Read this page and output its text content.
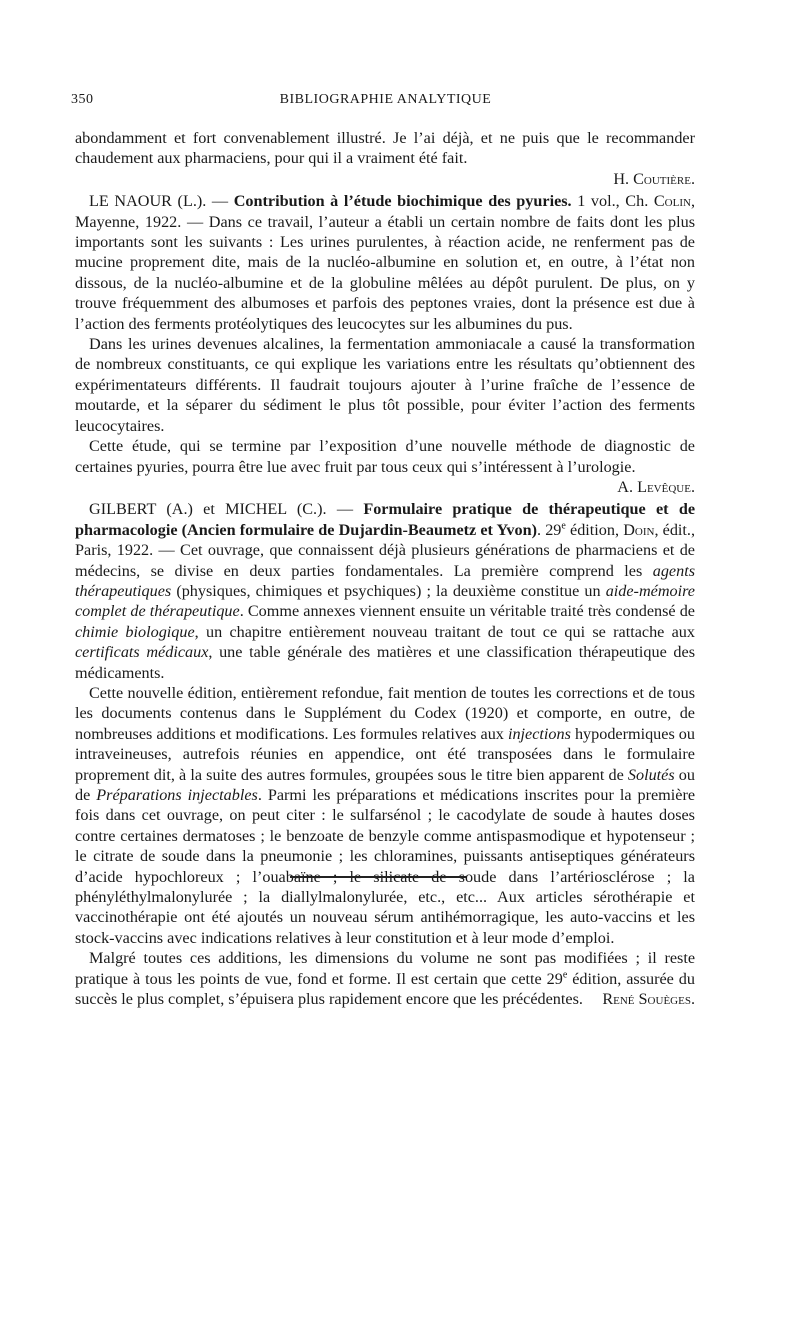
350	BIBLIOGRAPHIE ANALYTIQUE

abondamment et fort convenablement illustré. Je l’ai déjà, et ne puis que le recommander chaudement aux pharmaciens, pour qui il a vraiment été fait.

H. Coutière.

LE NAOUR (L.). — Contribution à l’étude biochimique des pyuries. 1 vol., Ch. Colin, Mayenne, 1922. — Dans ce travail, l’auteur a établi un certain nombre de faits dont les plus importants sont les suivants : Les urines purulentes, à réaction acide, ne renferment pas de mucine proprement dite, mais de la nucléo-albumine en solution et, en outre, à l’état non dissous, de la nucléo-albumine et de la globuline mêlées au dépôt purulent. De plus, on y trouve fréquemment des albumoses et parfois des peptones vraies, dont la présence est due à l’action des ferments protéolytiques des leucocytes sur les albumines du pus.

Dans les urines devenues alcalines, la fermentation ammoniacale a causé la transformation de nombreux constituants, ce qui explique les variations entre les résultats qu’obtiennent des expérimentateurs différents. Il faudrait toujours ajouter à l’urine fraîche de l’essence de moutarde, et la séparer du sédiment le plus tôt possible, pour éviter l’action des ferments leucocytaires.

Cette étude, qui se termine par l’exposition d’une nouvelle méthode de diagnostic de certaines pyuries, pourra être lue avec fruit par tous ceux qui s’intéressent à l’urologie.
A. Levêque.

GILBERT (A.) et MICHEL (C.). — Formulaire pratique de thérapeutique et de pharmacologie (Ancien formulaire de Dujardin-Beaumetz et Yvon). 29e édition, Doin, édit., Paris, 1922. — Cet ouvrage, que connaissent déjà plusieurs générations de pharmaciens et de médecins, se divise en deux parties fondamentales. La première comprend les agents thérapeutiques (physiques, chimiques et psychiques) ; la deuxième constitue un aide-mémoire complet de thérapeutique. Comme annexes viennent ensuite un véritable traité très condensé de chimie biologique, un chapitre entièrement nouveau traitant de tout ce qui se rattache aux certificats médicaux, une table générale des matières et une classification thérapeutique des médicaments.

Cette nouvelle édition, entièrement refondue, fait mention de toutes les corrections et de tous les documents contenus dans le Supplément du Codex (1920) et comporte, en outre, de nombreuses additions et modifications. Les formules relatives aux injections hypodermiques ou intraveineuses, autrefois réunies en appendice, ont été transposées dans le formulaire proprement dit, à la suite des autres formules, groupées sous le titre bien apparent de Solutés ou de Préparations injectables. Parmi les préparations et médications inscrites pour la première fois dans cet ouvrage, on peut citer : le sulfarsénol ; le cacodylate de soude à hautes doses contre certaines dermatoses ; le benzoate de benzyle comme antispasmodique et hypotenseur ; le citrate de soude dans la pneumonie ; les chloramines, puissants antiseptiques générateurs d’acide hypochloreux ; l’ouabaïne ; le silicate de soude dans l’artériosclérose ; la phényléthylmalonylurée ; la diallylmalonylurée, etc., etc... Aux articles sérothérapie et vaccinothérapie ont été ajoutés un nouveau sérum antihémorragique, les auto-vaccins et les stock-vaccins avec indications relatives à leur constitution et à leur mode d’emploi.

Malgré toutes ces additions, les dimensions du volume ne sont pas modifiées ; il reste pratique à tous les points de vue, fond et forme. Il est certain que cette 29e édition, assurée du succès le plus complet, s’épuisera plus rapidement encore que les précédentes.	René Souèges.
